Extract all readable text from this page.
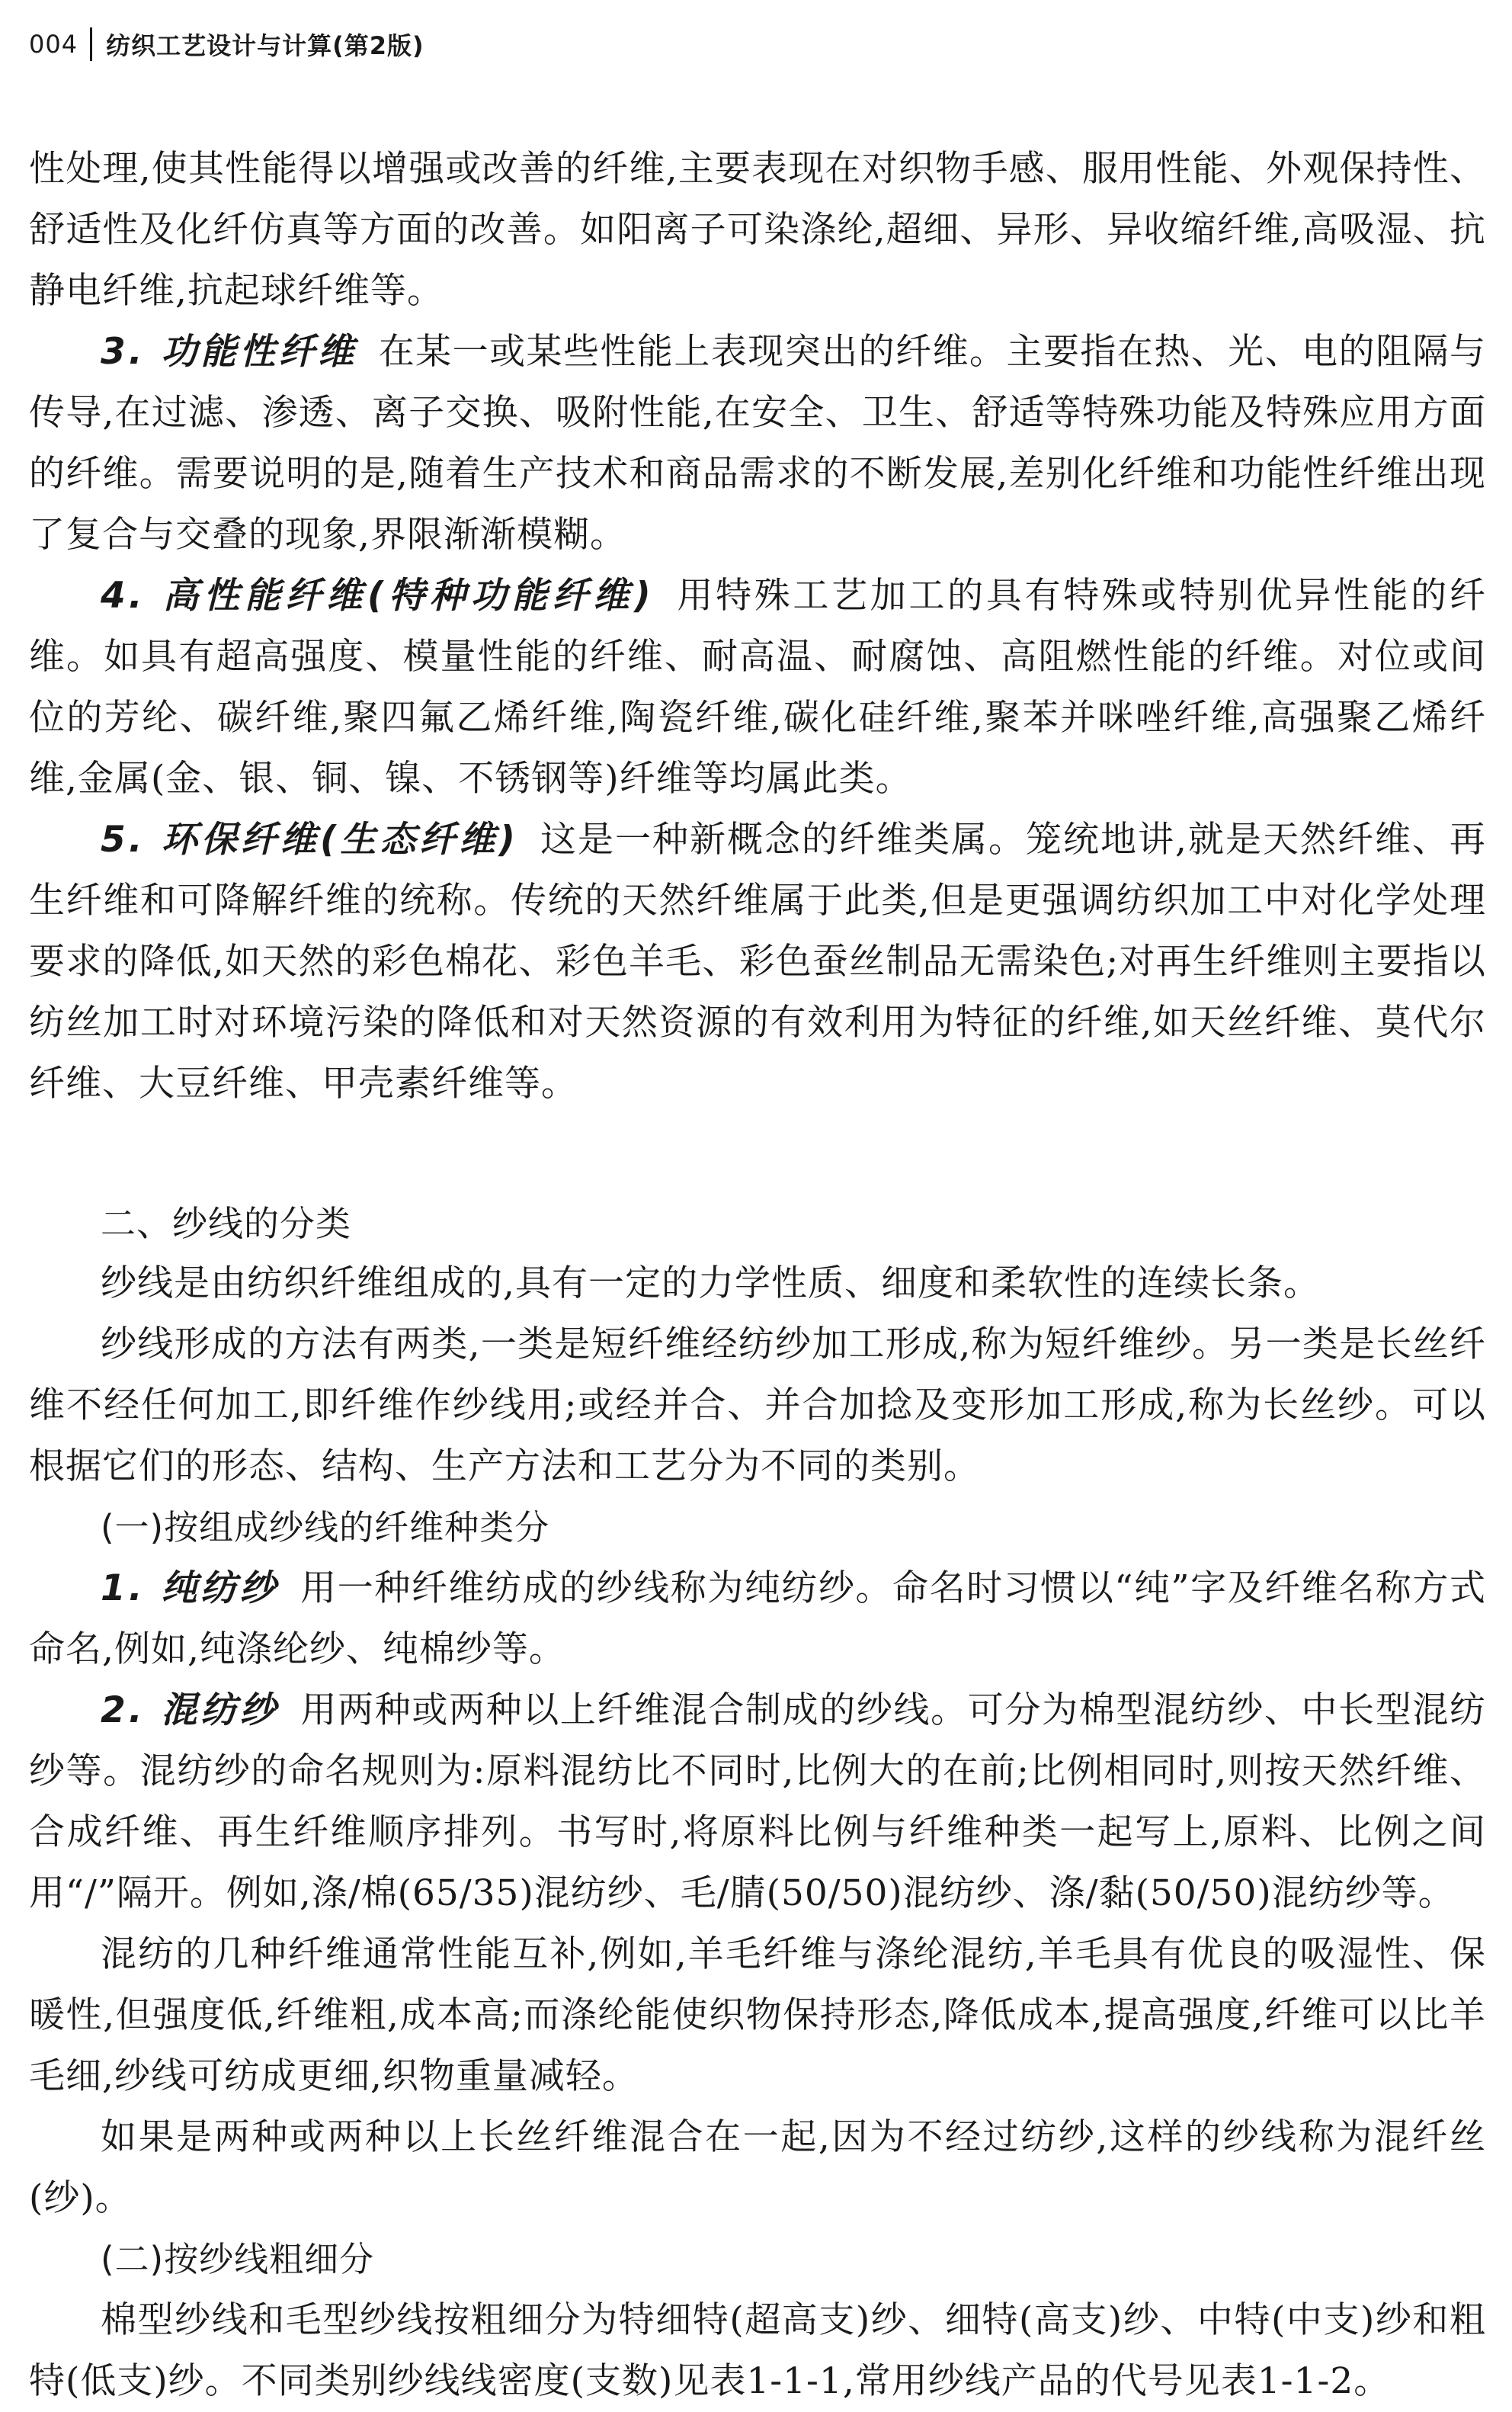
004 纺织工艺设计与计算(第2版)

性处理,使其性能得以增强或改善的纤维,主要表现在对织物手感、服用性能、外观保持性、舒适性及化纤仿真等方面的改善。如阳离子可染涤纶,超细、异形、异收缩纤维,高吸湿、抗静电纤维,抗起球纤维等。

3. 功能性纤维 在某一或某些性能上表现突出的纤维。主要指在热、光、电的阻隔与传导,在过滤、渗透、离子交换、吸附性能,在安全、卫生、舒适等特殊功能及特殊应用方面的纤维。需要说明的是,随着生产技术和商品需求的不断发展,差别化纤维和功能性纤维出现了复合与交叠的现象,界限渐渐模糊。

4. 高性能纤维(特种功能纤维) 用特殊工艺加工的具有特殊或特别优异性能的纤维。如具有超高强度、模量性能的纤维、耐高温、耐腐蚀、高阻燃性能的纤维。对位或间位的芳纶、碳纤维,聚四氟乙烯纤维,陶瓷纤维,碳化硅纤维,聚苯并咪唑纤维,高强聚乙烯纤维,金属(金、银、铜、镍、不锈钢等)纤维等均属此类。

5. 环保纤维(生态纤维) 这是一种新概念的纤维类属。笼统地讲,就是天然纤维、再生纤维和可降解纤维的统称。传统的天然纤维属于此类,但是更强调纺织加工中对化学处理要求的降低,如天然的彩色棉花、彩色羊毛、彩色蚕丝制品无需染色;对再生纤维则主要指以纺丝加工时对环境污染的降低和对天然资源的有效利用为特征的纤维,如天丝纤维、莫代尔纤维、大豆纤维、甲壳素纤维等。

二、纱线的分类

纱线是由纺织纤维组成的,具有一定的力学性质、细度和柔软性的连续长条。

纱线形成的方法有两类,一类是短纤维经纺纱加工形成,称为短纤维纱。另一类是长丝纤维不经任何加工,即纤维作纱线用;或经并合、并合加捻及变形加工形成,称为长丝纱。可以根据它们的形态、结构、生产方法和工艺分为不同的类别。

(一)按组成纱线的纤维种类分

1. 纯纺纱 用一种纤维纺成的纱线称为纯纺纱。命名时习惯以“纯”字及纤维名称方式命名,例如,纯涤纶纱、纯棉纱等。

2. 混纺纱 用两种或两种以上纤维混合制成的纱线。可分为棉型混纺纱、中长型混纺纱等。混纺纱的命名规则为:原料混纺比不同时,比例大的在前;比例相同时,则按天然纤维、合成纤维、再生纤维顺序排列。书写时,将原料比例与纤维种类一起写上,原料、比例之间用“/”隔开。例如,涤/棉(65/35)混纺纱、毛/腈(50/50)混纺纱、涤/黏(50/50)混纺纱等。

混纺的几种纤维通常性能互补,例如,羊毛纤维与涤纶混纺,羊毛具有优良的吸湿性、保暖性,但强度低,纤维粗,成本高;而涤纶能使织物保持形态,降低成本,提高强度,纤维可以比羊毛细,纱线可纺成更细,织物重量减轻。

如果是两种或两种以上长丝纤维混合在一起,因为不经过纺纱,这样的纱线称为混纤丝(纱)。

(二)按纱线粗细分

棉型纱线和毛型纱线按粗细分为特细特(超高支)纱、细特(高支)纱、中特(中支)纱和粗特(低支)纱。不同类别纱线线密度(支数)见表1-1-1,常用纱线产品的代号见表1-1-2。
